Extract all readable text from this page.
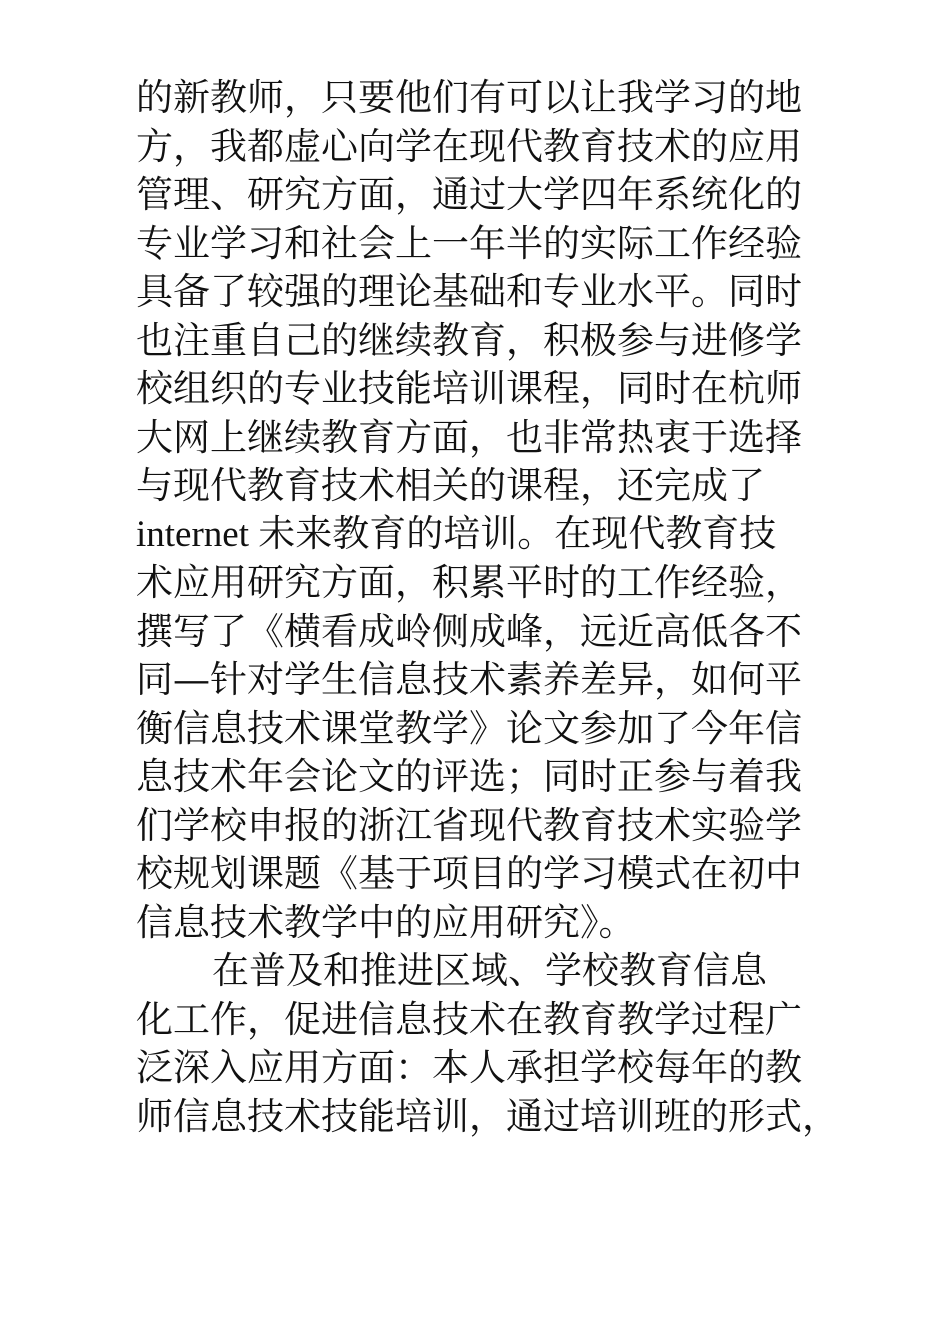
的新教师，只要他们有可以让我学习的地
方，我都虚心向学在现代教育技术的应用
管理、研究方面，通过大学四年系统化的
专业学习和社会上一年半的实际工作经验
具备了较强的理论基础和专业水平。同时
也注重自己的继续教育，积极参与进修学
校组织的专业技能培训课程，同时在杭师
大网上继续教育方面，也非常热衷于选择
与现代教育技术相关的课程，还完成了
internet 未来教育的培训。在现代教育技
术应用研究方面，积累平时的工作经验，
撰写了《横看成岭侧成峰，远近高低各不
同—针对学生信息技术素养差异，如何平
衡信息技术课堂教学》论文参加了今年信
息技术年会论文的评选；同时正参与着我
们学校申报的浙江省现代教育技术实验学
校规划课题《基于项目的学习模式在初中
信息技术教学中的应用研究》。
在普及和推进区域、学校教育信息
化工作，促进信息技术在教育教学过程广
泛深入应用方面：本人承担学校每年的教
师信息技术技能培训，通过培训班的形式，
